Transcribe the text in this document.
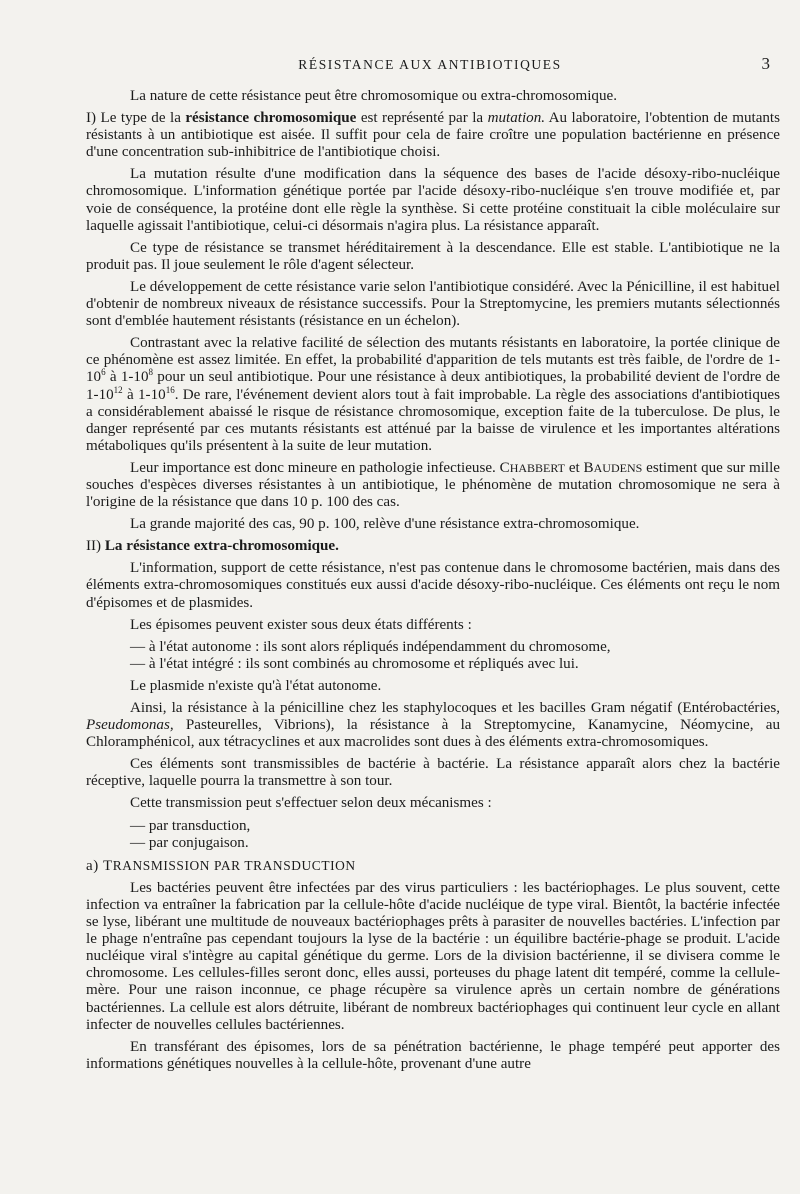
RÉSISTANCE AUX ANTIBIOTIQUES	3

La nature de cette résistance peut être chromosomique ou extra-chromosomique.

I) Le type de la résistance chromosomique est représenté par la mutation. Au laboratoire, l'obtention de mutants résistants à un antibiotique est aisée. Il suffit pour cela de faire croître une population bactérienne en présence d'une concentration sub-inhibitrice de l'antibiotique choisi.

La mutation résulte d'une modification dans la séquence des bases de l'acide désoxy-ribo-nucléique chromosomique. L'information génétique portée par l'acide désoxy-ribo-nucléique s'en trouve modifiée et, par voie de conséquence, la protéine dont elle règle la synthèse. Si cette protéine constituait la cible moléculaire sur laquelle agissait l'antibiotique, celui-ci désormais n'agira plus. La résistance apparaît.

Ce type de résistance se transmet héréditairement à la descendance. Elle est stable. L'antibiotique ne la produit pas. Il joue seulement le rôle d'agent sélecteur.

Le développement de cette résistance varie selon l'antibiotique considéré. Avec la Pénicilline, il est habituel d'obtenir de nombreux niveaux de résistance successifs. Pour la Streptomycine, les premiers mutants sélectionnés sont d'emblée hautement résistants (résistance en un échelon).

Contrastant avec la relative facilité de sélection des mutants résistants en laboratoire, la portée clinique de ce phénomène est assez limitée. En effet, la probabilité d'apparition de tels mutants est très faible, de l'ordre de $1-10^6$ à $1-10^8$ pour un seul antibiotique. Pour une résistance à deux antibiotiques, la probabilité devient de l'ordre de $1-10^{12}$ à $1-10^{16}$. De rare, l'événement devient alors tout à fait improbable. La règle des associations d'antibiotiques a considérablement abaissé le risque de résistance chromosomique, exception faite de la tuberculose. De plus, le danger représenté par ces mutants résistants est atténué par la baisse de virulence et les importantes altérations métaboliques qu'ils présentent à la suite de leur mutation.

Leur importance est donc mineure en pathologie infectieuse. CHABBERT et BAUDENS estiment que sur mille souches d'espèces diverses résistantes à un antibiotique, le phénomène de mutation chromosomique ne sera à l'origine de la résistance que dans 10 p. 100 des cas.

La grande majorité des cas, 90 p. 100, relève d'une résistance extra-chromosomique.

II) La résistance extra-chromosomique.

L'information, support de cette résistance, n'est pas contenue dans le chromosome bactérien, mais dans des éléments extra-chromosomiques constitués eux aussi d'acide désoxy-ribo-nucléique. Ces éléments ont reçu le nom d'épisomes et de plasmides.

Les épisomes peuvent exister sous deux états différents :

— à l'état autonome : ils sont alors répliqués indépendamment du chromosome,

— à l'état intégré : ils sont combinés au chromosome et répliqués avec lui.

Le plasmide n'existe qu'à l'état autonome.

Ainsi, la résistance à la pénicilline chez les staphylocoques et les bacilles Gram négatif (Entérobactéries, Pseudomonas, Pasteurelles, Vibrions), la résistance à la Streptomycine, Kanamycine, Néomycine, au Chloramphénicol, aux tétracyclines et aux macrolides sont dues à des éléments extra-chromosomiques.

Ces éléments sont transmissibles de bactérie à bactérie. La résistance apparaît alors chez la bactérie réceptive, laquelle pourra la transmettre à son tour.

Cette transmission peut s'effectuer selon deux mécanismes :

— par transduction,

— par conjugaison.

a) TRANSMISSION PAR TRANSDUCTION

Les bactéries peuvent être infectées par des virus particuliers : les bactériophages. Le plus souvent, cette infection va entraîner la fabrication par la cellule-hôte d'acide nucléique de type viral. Bientôt, la bactérie infectée se lyse, libérant une multitude de nouveaux bactériophages prêts à parasiter de nouvelles bactéries. L'infection par le phage n'entraîne pas cependant toujours la lyse de la bactérie : un équilibre bactérie-phage se produit. L'acide nucléique viral s'intègre au capital génétique du germe. Lors de la division bactérienne, il se divisera comme le chromosome. Les cellules-filles seront donc, elles aussi, porteuses du phage latent dit tempéré, comme la cellule-mère. Pour une raison inconnue, ce phage récupère sa virulence après un certain nombre de générations bactériennes. La cellule est alors détruite, libérant de nombreux bactériophages qui continuent leur cycle en allant infecter de nouvelles cellules bactériennes.

En transférant des épisomes, lors de sa pénétration bactérienne, le phage tempéré peut apporter des informations génétiques nouvelles à la cellule-hôte, provenant d'une autre
